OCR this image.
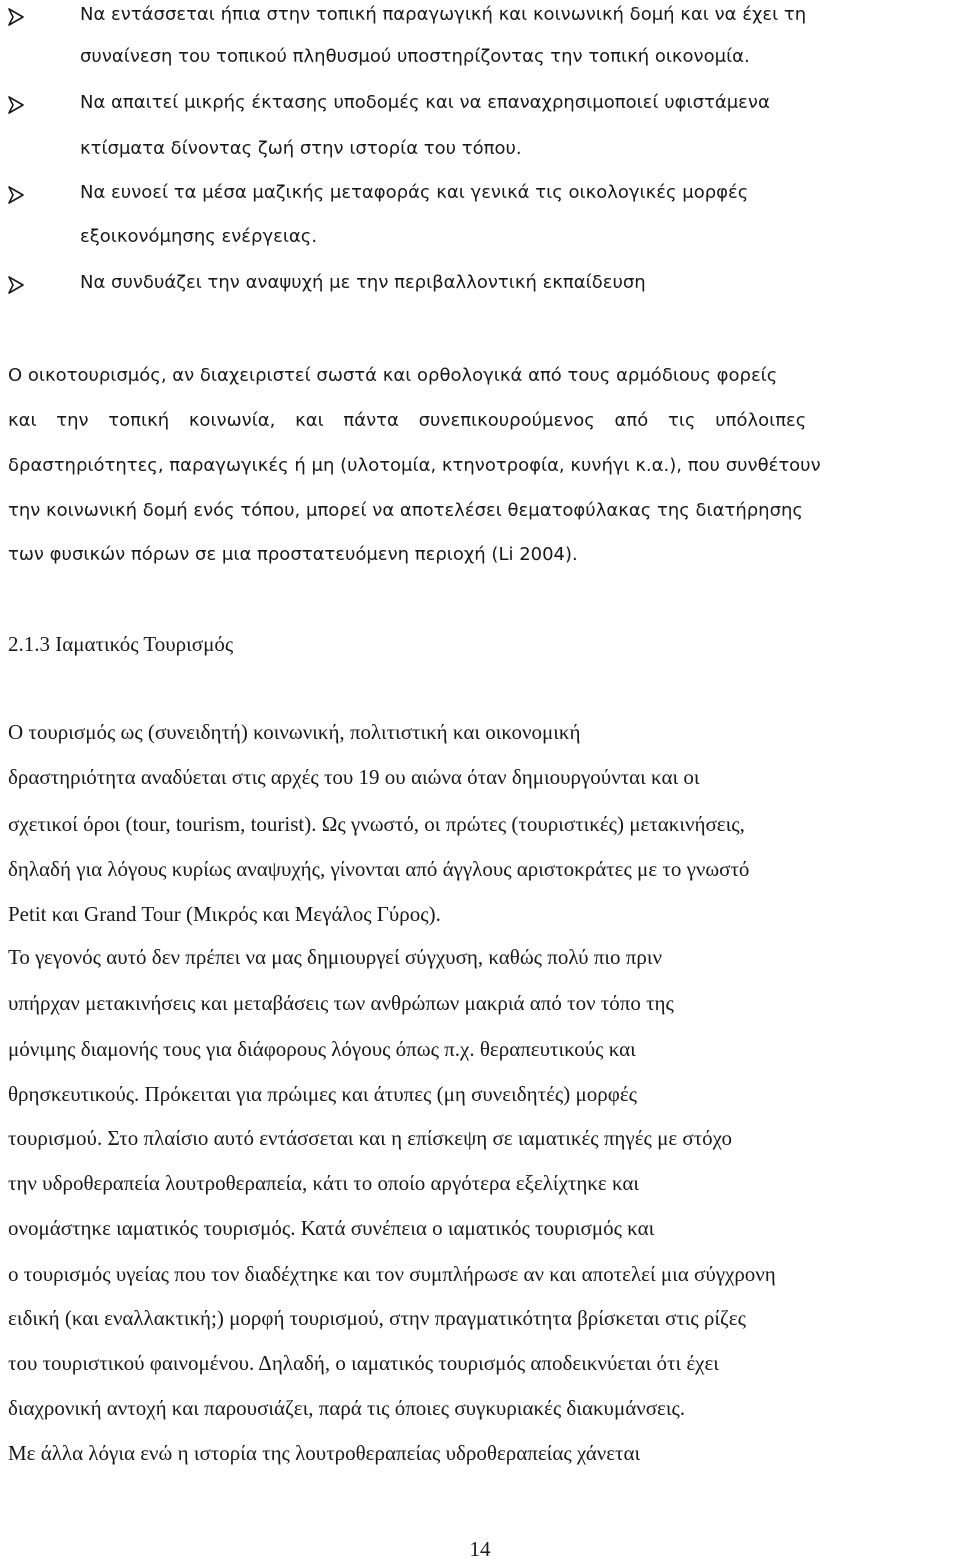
Να εντάσσεται ήπια στην τοπική παραγωγική και κοινωνική δομή και να έχει τη

συναίνεση του τοπικού πληθυσμού υποστηρίζοντας την τοπική οικονομία.

Να απαιτεί μικρής έκτασης υποδομές και να επαναχρησιμοποιεί υφιστάμενα

κτίσματα δίνοντας ζωή στην ιστορία του τόπου.

Να ευνοεί τα μέσα μαζικής μεταφοράς και γενικά τις οικολογικές μορφές

εξοικονόμησης ενέργειας.

Να συνδυάζει την αναψυχή με την περιβαλλοντική εκπαίδευση

Ο οικοτουρισμός, αν διαχειριστεί σωστά και ορθολογικά από τους αρμόδιους φορείς

και την τοπική κοινωνία, και πάντα συνεπικουρούμενος από τις υπόλοιπες

δραστηριότητες, παραγωγικές ή μη (υλοτομία, κτηνοτροφία, κυνήγι κ.α.), που συνθέτουν

την κοινωνική δομή ενός τόπου, μπορεί να αποτελέσει θεματοφύλακας της διατήρησης

των φυσικών πόρων σε μια προστατευόμενη περιοχή (Li 2004).

2.1.3 Ιαματικός Τουρισμός

Ο τουρισμός ως (συνειδητή) κοινωνική, πολιτιστική και οικονομική

δραστηριότητα αναδύεται στις αρχές του 19 ου αιώνα όταν δημιουργούνται και οι

σχετικοί όροι (tour, tourism, tourist). Ως γνωστό, οι πρώτες (τουριστικές) μετακινήσεις,

δηλαδή για λόγους κυρίως αναψυχής, γίνονται από άγγλους αριστοκράτες με το γνωστό

Petit και Grand Tour (Μικρός και Μεγάλος Γύρος).

Το γεγονός αυτό δεν πρέπει να μας δημιουργεί σύγχυση, καθώς πολύ πιο πριν

υπήρχαν μετακινήσεις και μεταβάσεις των ανθρώπων μακριά από τον τόπο της

μόνιμης διαμονής τους για διάφορους λόγους όπως π.χ. θεραπευτικούς και

θρησκευτικούς. Πρόκειται για πρώιμες και άτυπες (μη συνειδητές) μορφές

τουρισμού. Στο πλαίσιο αυτό εντάσσεται και η επίσκεψη σε ιαματικές πηγές με στόχο

την υδροθεραπεία λουτροθεραπεία, κάτι το οποίο αργότερα εξελίχτηκε και

ονομάστηκε ιαματικός τουρισμός. Κατά συνέπεια ο ιαματικός τουρισμός και

ο τουρισμός υγείας που τον διαδέχτηκε και τον συμπλήρωσε αν και αποτελεί μια σύγχρονη

ειδική (και εναλλακτική;) μορφή τουρισμού, στην πραγματικότητα βρίσκεται στις ρίζες

του τουριστικού φαινομένου. Δηλαδή, ο ιαματικός τουρισμός αποδεικνύεται ότι έχει

διαχρονική αντοχή και παρουσιάζει, παρά τις όποιες συγκυριακές διακυμάνσεις.

Με άλλα λόγια ενώ η ιστορία της λουτροθεραπείας υδροθεραπείας χάνεται

14
